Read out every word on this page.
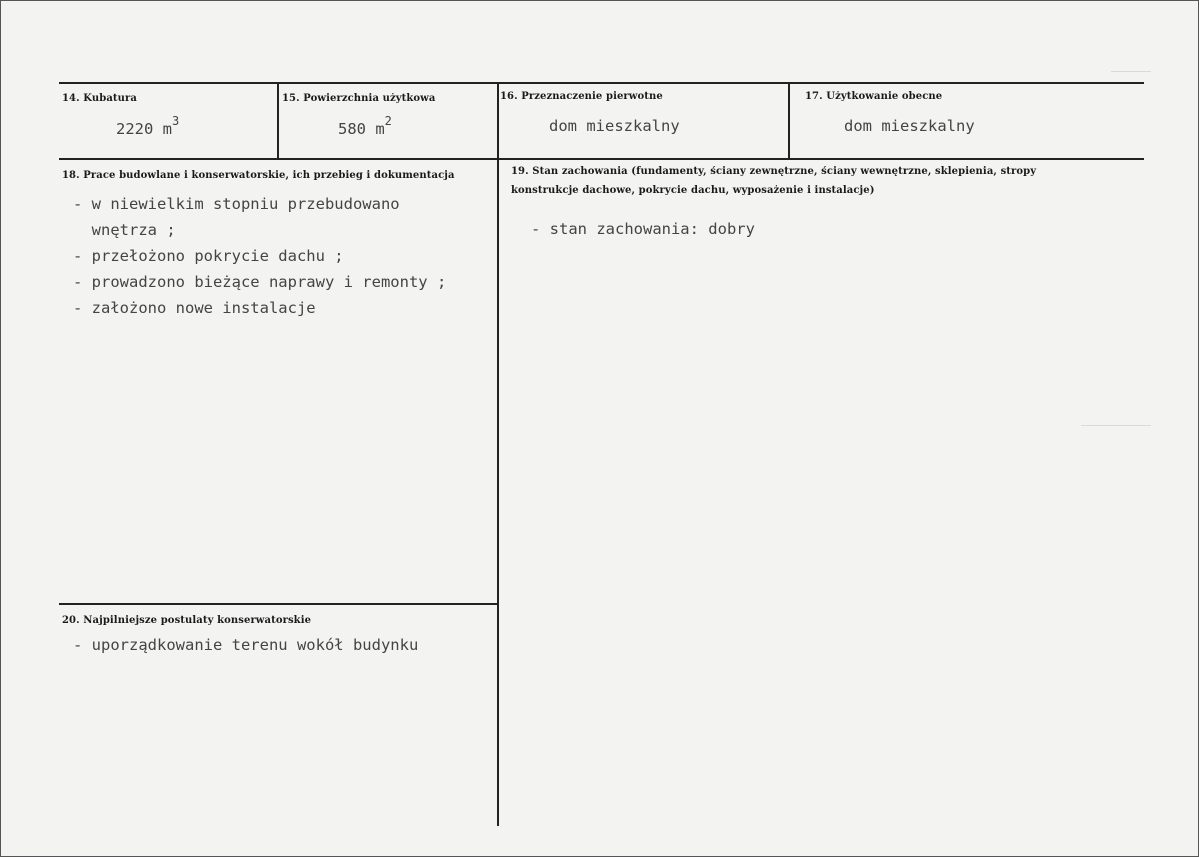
14. Kubatura
2220 $m^3$
15. Powierzchnia użytkowa
580 $m^2$
16. Przeznaczenie pierwotne
dom mieszkalny
17. Użytkowanie obecne
dom mieszkalny
18. Prace budowlane i konserwatorskie, ich przebieg i dokumentacja
- w niewielkim stopniu przebudowano
wnętrza ;
- przełożono pokrycie dachu ;
- prowadzono bieżące naprawy i remonty ;
- założono nowe instalacje
19. Stan zachowania (fundamenty, ściany zewnętrzne, ściany wewnętrzne, sklepienia, stropy
konstrukcje dachowe, pokrycie dachu, wyposażenie i instalacje)
- stan zachowania: dobry
20. Najpilniejsze postulaty konserwatorskie
- uporządkowanie terenu wokół budynku
